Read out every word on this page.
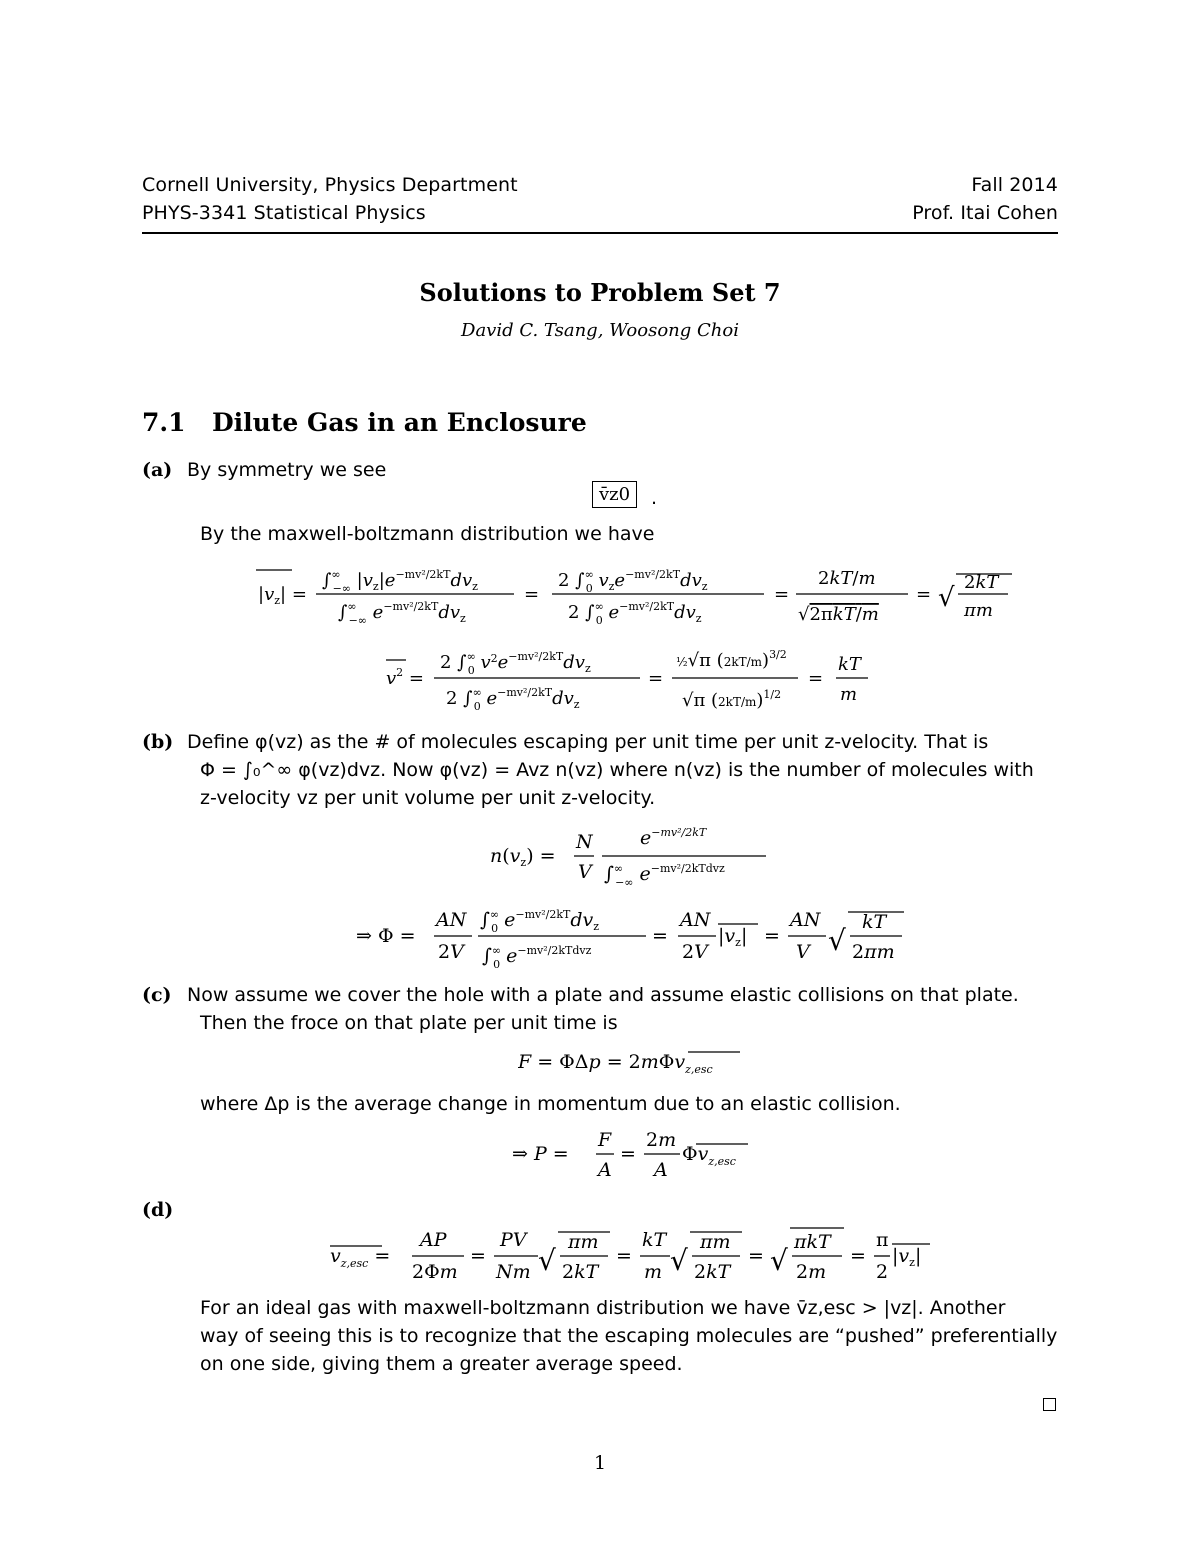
Cornell University, Physics Department
PHYS-3341 Statistical Physics
Fall 2014
Prof. Itai Cohen
Solutions to Problem Set 7
David C. Tsang, Woosong Choi
7.1 Dilute Gas in an Enclosure
(a) By symmetry we see
v̄z0	.
By the maxwell-boltzmann distribution we have
$|v_z|$ =
∫∞ −∞ $|v_z|e^{-mv^2/2kT}dv_z$
∫∞ −∞ $e^{-mv^2/2kT}dv_z$
=
2 ∫∞ 0 $v_ze^{-mv^2/2kT}dv_z$
2 ∫∞ 0 $e^{-mv^2/2kT}dv_z$
=
2kT/m
√2πkT/m
= √
2kT
πm
$v^2$ =
2 ∫∞ 0 $v^2e^{-mv^2/2kT}dv_z$
2 ∫∞ 0 $e^{-mv^2/2kT}dv_z$
=
½√π $(2kT/m)^{3/2}$
√π $(2kT/m)^{1/2}$
=
kT
m
(b) Define φ(vz) as the # of molecules escaping per unit time per unit z-velocity. That is
Φ = ∫₀^∞ φ(vz)dvz. Now φ(vz) = Avz n(vz) where n(vz) is the number of molecules with
z-velocity vz per unit volume per unit z-velocity.
$n(v_z)$ =
N
V
$e^{-mv^2/2kT}$
∫∞ −∞ $e^{-mv^2/2kTdvz}$
⇒ Φ =
AN
2V
∫∞ 0 $e^{-mv^2/2kT}dv_z$
∫∞ 0 $e^{-mv^2/2kTdvz}$
=
AN
2V
$|v_z|$ =
AN
V √
kT
2πm
(c) Now assume we cover the hole with a plate and assume elastic collisions on that plate.
Then the froce on that plate per unit time is
F = ΦΔp = 2mΦv$_{z,esc}$
where Δp is the average change in momentum due to an elastic collision.
⇒ P =
F
A
=
2m
A
$\Phi v_{z,esc}$
(d)
$v_{z,esc}$ =
AP
2Φm
=
PV
Nm √
πm
2kT
=
kT
m √
πm
2kT
= √
πkT
2m
=
π
2
$|v_z|$
For an ideal gas with maxwell-boltzmann distribution we have v̄z,esc > |vz|. Another
way of seeing this is to recognize that the escaping molecules are “pushed” preferentially
on one side, giving them a greater average speed.
1
